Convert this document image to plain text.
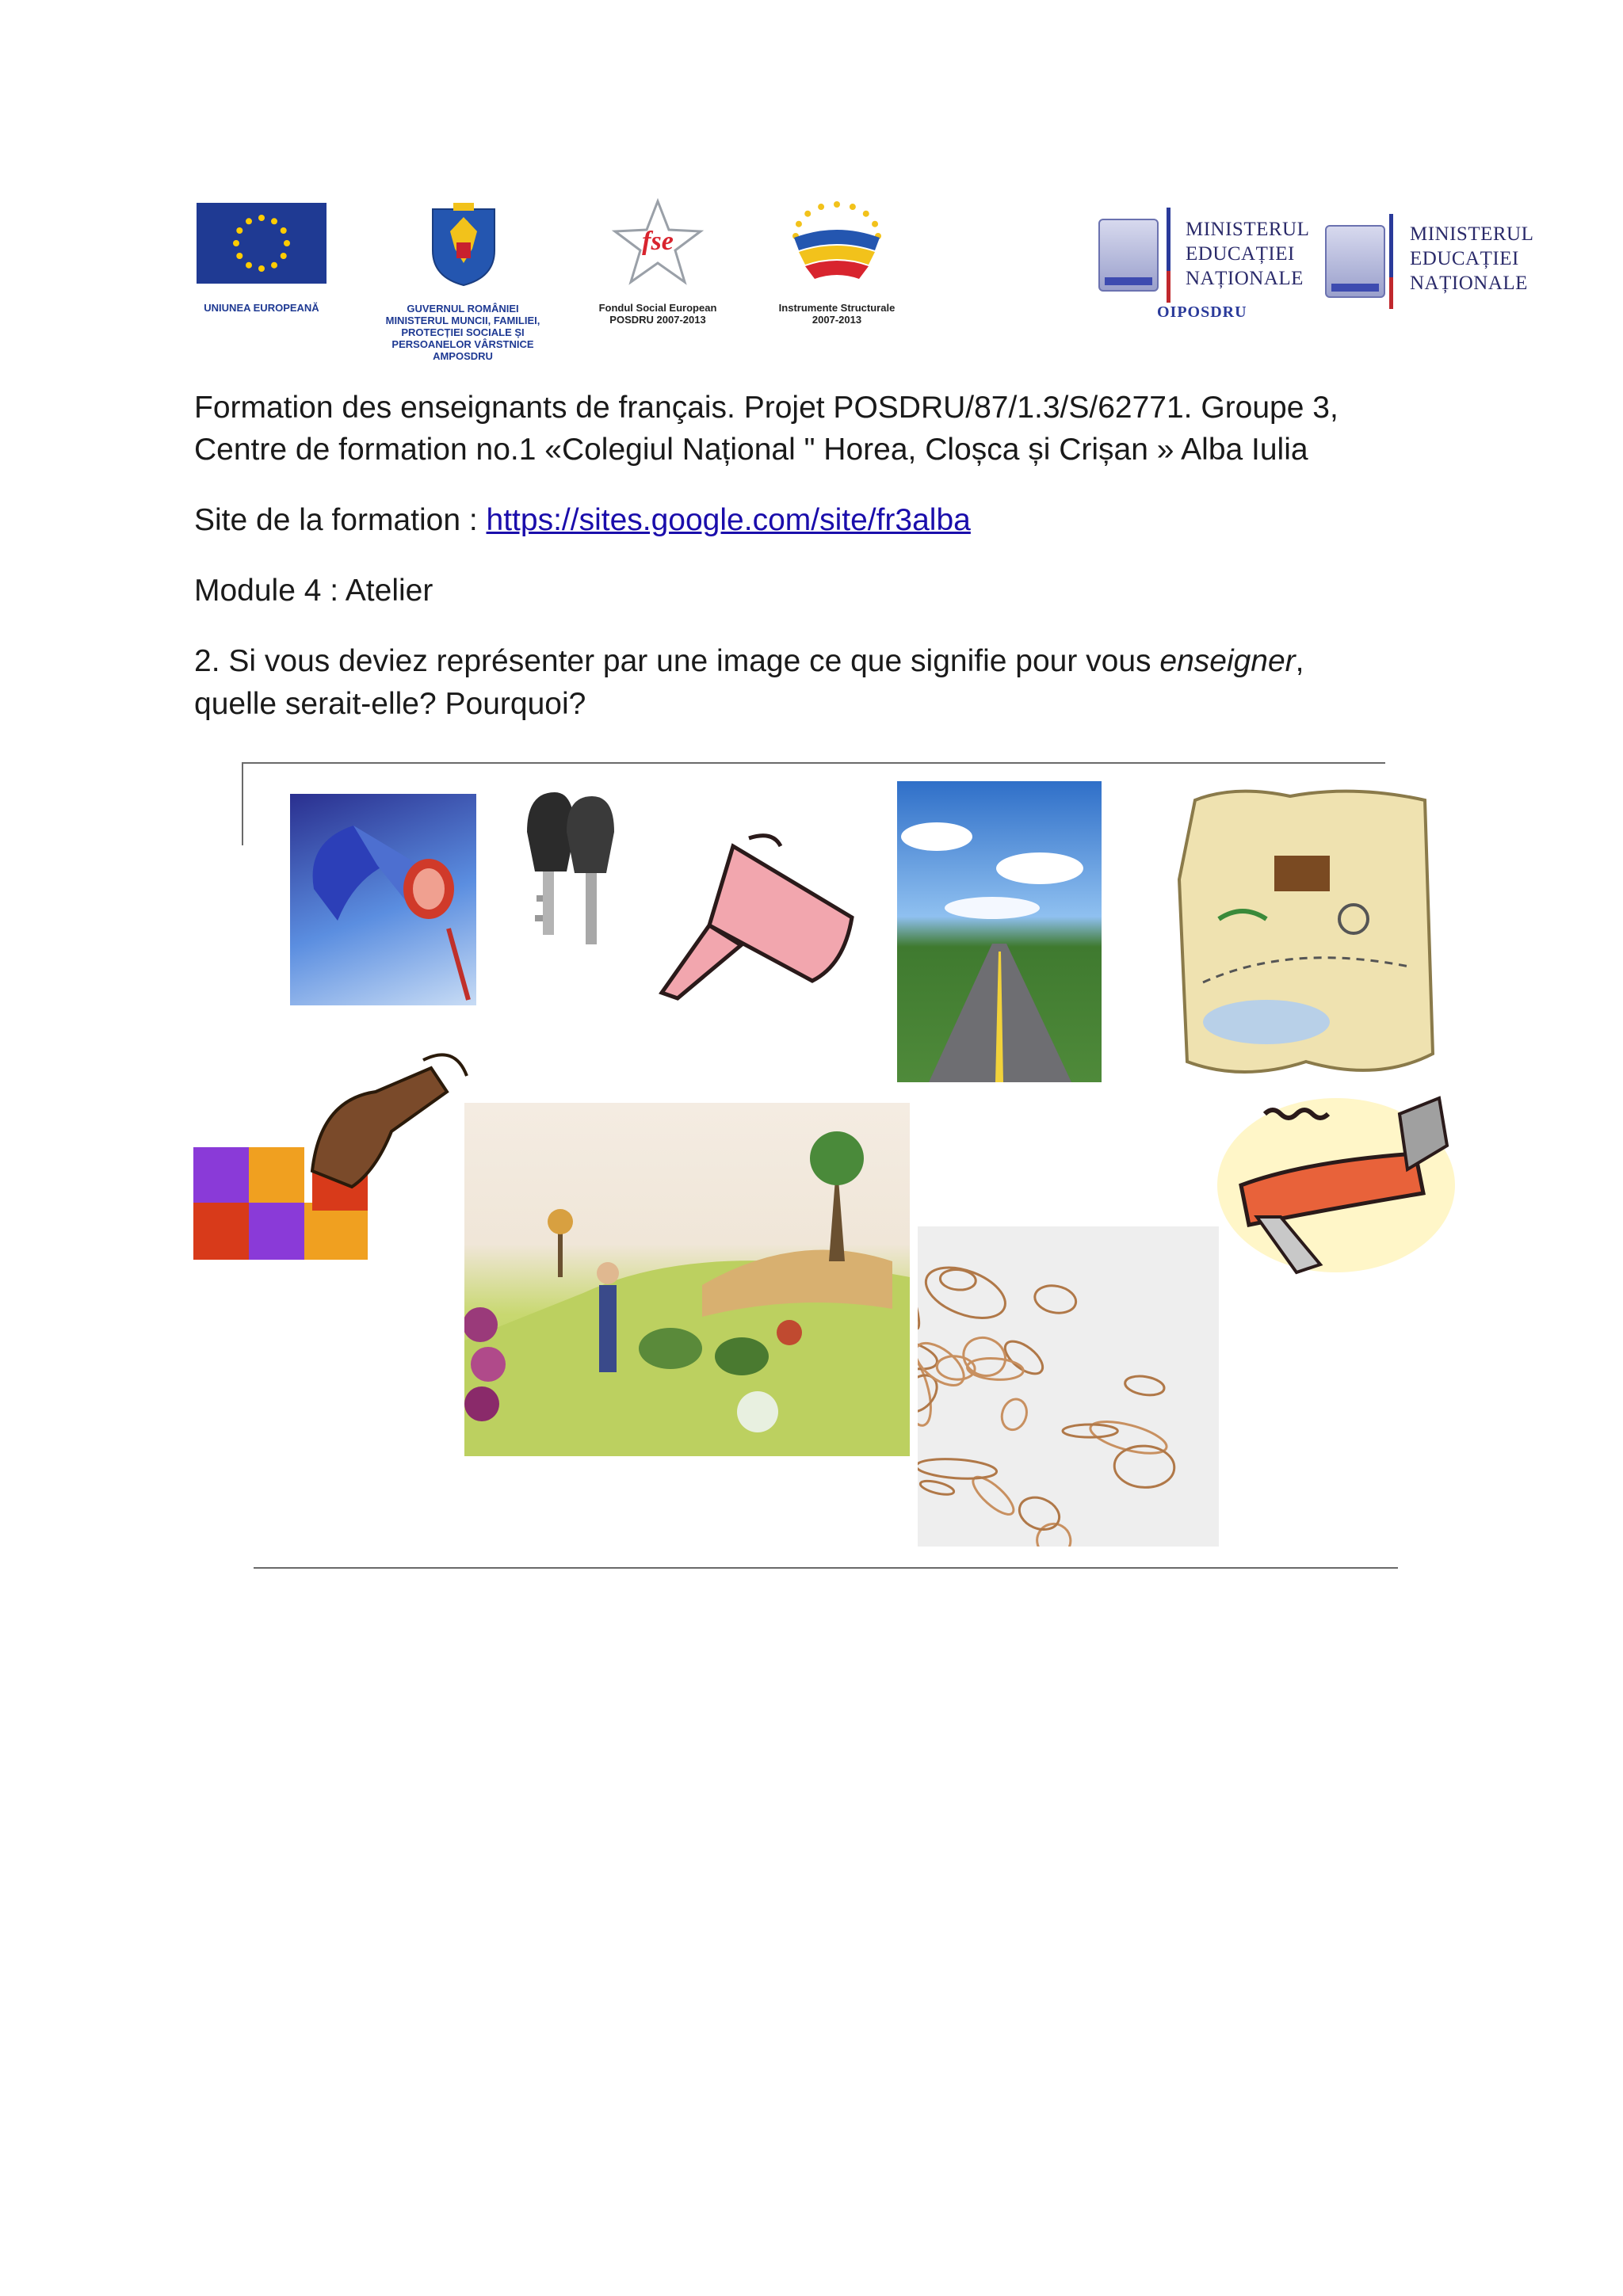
UNIUNEA EUROPEANĂ	GUVERNUL ROMÂNIEI
MINISTERUL MUNCII, FAMILIEI,
PROTECȚIEI SOCIALE ȘI
PERSOANELOR VÂRSTNICE
AMPOSDRU
fse
Fondul Social European
POSDRU 2007-2013
Instrumente Structurale
2007-2013
MINISTERUL
EDUCAȚIEI
NAȚIONALE
OIPOSDRU
MINISTERUL
EDUCAȚIEI
NAȚIONALE
Formation des enseignants de français. Projet POSDRU/87/1.3/S/62771. Groupe 3,
Centre de formation no.1 «Colegiul Național " Horea, Cloșca și Crișan » Alba Iulia
Site de la formation : https://sites.google.com/site/fr3alba
Module 4 : Atelier
2. Si vous deviez représenter par une image ce que signifie pour vous enseigner,
quelle serait-elle? Pourquoi?
